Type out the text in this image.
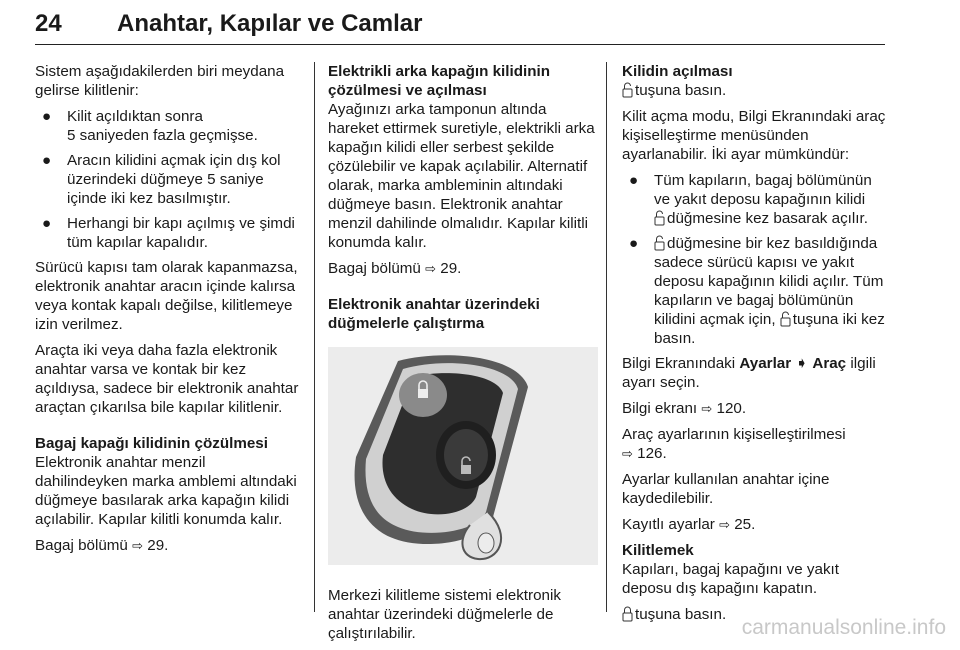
24 Anahtar, Kapılar ve Camlar

Sistem aşağıdakilerden biri meydana gelirse kilitlenir:

● Kilit açıldıktan sonra
5 saniyeden fazla geçmişse.
● Aracın kilidini açmak için dış kol üzerindeki düğmeye 5 saniye içinde iki kez basılmıştır.
● Herhangi bir kapı açılmış ve şimdi tüm kapılar kapalıdır.

Sürücü kapısı tam olarak kapanmazsa, elektronik anahtar aracın içinde kalırsa veya kontak kapalı değilse, kilitlemeye izin verilmez.

Araçta iki veya daha fazla elektronik anahtar varsa ve kontak bir kez açıldıysa, sadece bir elektronik anahtar araçtan çıkarılsa bile kapılar kilitlenir.

Bagaj kapağı kilidinin çözülmesi

Elektronik anahtar menzil dahilindeyken marka amblemi altındaki düğmeye basılarak arka kapağın kilidi açılabilir. Kapılar kilitli konumda kalır.

Bagaj bölümü ⇨ 29.

Elektrikli arka kapağın kilidinin çözülmesi ve açılması

Ayağınızı arka tamponun altında hareket ettirmek suretiyle, elektrikli arka kapağın kilidi eller serbest şekilde çözülebilir ve kapak açılabilir. Alternatif olarak, marka ambleminin altındaki düğmeye basın. Elektronik anahtar menzil dahilinde olmalıdır. Kapılar kilitli konumda kalır.

Bagaj bölümü ⇨ 29.

Elektronik anahtar üzerindeki düğmelerle çalıştırma

Merkezi kilitleme sistemi elektronik anahtar üzerindeki düğmelerle de çalıştırılabilir.

Kilidin açılması

tuşuna basın.

Kilit açma modu, Bilgi Ekranındaki araç kişiselleştirme menüsünden ayarlanabilir. İki ayar mümkündür:

● Tüm kapıların, bagaj bölümünün ve yakıt deposu kapağının kilidi
düğmesine kez basarak açılır.
● düğmesine bir kez basıldığında sadece sürücü kapısı ve yakıt deposu kapağının kilidi açılır. Tüm kapıların ve bagaj bölümünün kilidini açmak için, tuşuna iki kez basın.

Bilgi Ekranındaki Ayarlar ➧ Araç ilgili ayarı seçin.

Bilgi ekranı ⇨ 120.

Araç ayarlarının kişiselleştirilmesi
⇨ 126.

Ayarlar kullanılan anahtar içine kaydedilebilir.

Kayıtlı ayarlar ⇨ 25.

Kilitlemek

Kapıları, bagaj kapağını ve yakıt deposu dış kapağını kapatın.

tuşuna basın.

carmanualsonline.info
